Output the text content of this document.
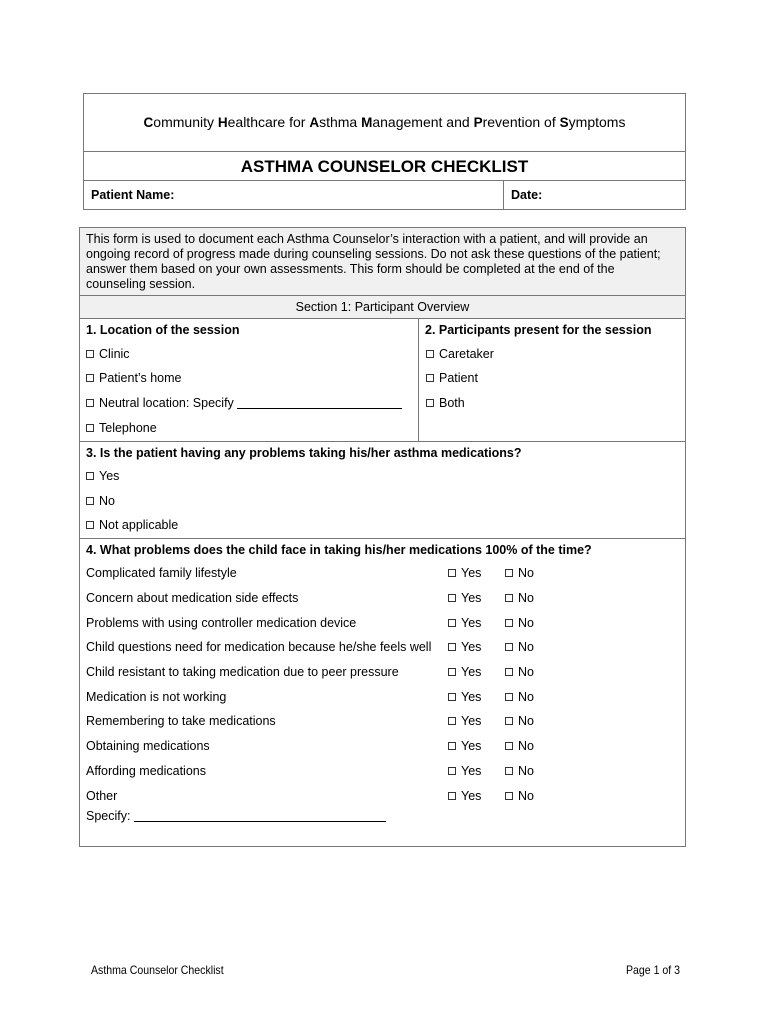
Community Healthcare for Asthma Management and Prevention of Symptoms
ASTHMA COUNSELOR CHECKLIST
Patient Name:	Date:
This form is used to document each Asthma Counselor’s interaction with a patient, and will provide an
ongoing record of progress made during counseling sessions. Do not ask these questions of the patient;
answer them based on your own assessments. This form should be completed at the end of the
counseling session.
Section 1: Participant Overview
1. Location of the session
Clinic
Patient’s home
Neutral location: Specify
Telephone
2. Participants present for the session
Caretaker
Patient
Both
3. Is the patient having any problems taking his/her asthma medications?
Yes
No
Not applicable
4. What problems does the child face in taking his/her medications 100% of the time?
Complicated family lifestyle	Yes	No
Concern about medication side effects	Yes	No
Problems with using controller medication device	Yes	No
Child questions need for medication because he/she feels well	Yes	No
Child resistant to taking medication due to peer pressure	Yes	No
Medication is not working	Yes	No
Remembering to take medications	Yes	No
Obtaining medications	Yes	No
Affording medications	Yes	No
Other	Yes	No
Specify:
Asthma Counselor Checklist	Page 1 of 3
